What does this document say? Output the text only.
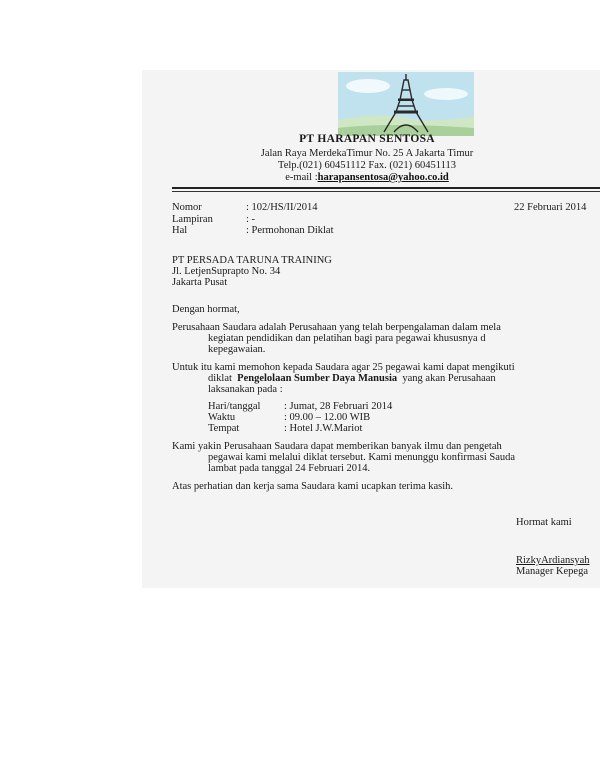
PT HARAPAN SENTOSA
Jalan Raya MerdekaTimur No. 25 A Jakarta Timur
Telp.(021) 60451112 Fax. (021) 60451113
e-mail :harapansentosa@yahoo.co.id
Nomor	: 102/HS/II/2014	22 Februari 2014
Lampiran	: -
Hal	: Permohonan Diklat
PT PERSADA TARUNA TRAINING
Jl. LetjenSuprapto No. 34
Jakarta Pusat
Dengan hormat,
Perusahaan Saudara adalah Perusahaan yang telah berpengalaman dalam mela
kegiatan pendidikan dan pelatihan bagi para pegawai khususnya d
kepegawaian.
Untuk itu kami memohon kepada Saudara agar 25 pegawai kami dapat mengikuti
diklat Pengelolaan Sumber Daya Manusia yang akan Perusahaan
laksanakan pada :
Hari/tanggal : Jumat, 28 Februari 2014
Waktu	: 09.00 – 12.00 WIB
Tempat	: Hotel J.W.Mariot
Kami yakin Perusahaan Saudara dapat memberikan banyak ilmu dan pengetah
pegawai kami melalui diklat tersebut. Kami menunggu konfirmasi Sauda
lambat pada tanggal 24 Februari 2014.
Atas perhatian dan kerja sama Saudara kami ucapkan terima kasih.
Hormat kami
RizkyArdiansyah
Manager Kepega
